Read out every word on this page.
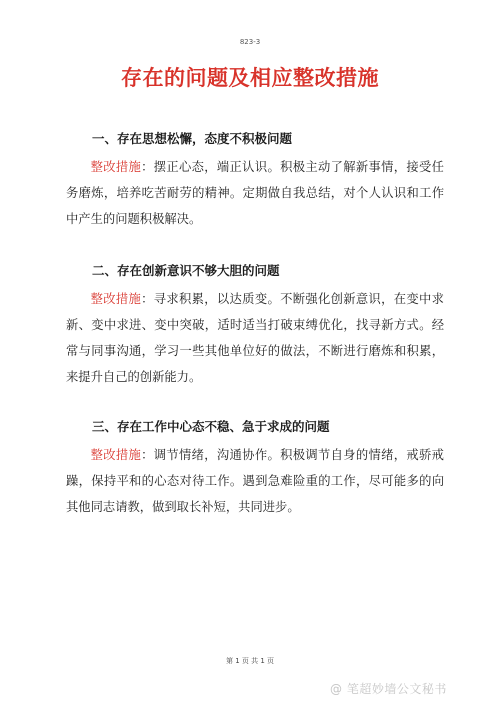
823-3
存在的问题及相应整改措施
一、存在思想松懈，态度不积极问题
整改措施：摆正心态，端正认识。积极主动了解新事情，接受任务磨炼，培养吃苦耐劳的精神。定期做自我总结，对个人认识和工作中产生的问题积极解决。
二、存在创新意识不够大胆的问题
整改措施：寻求积累，以达质变。不断强化创新意识，在变中求新、变中求进、变中突破，适时适当打破束缚优化，找寻新方式。经常与同事沟通，学习一些其他单位好的做法，不断进行磨炼和积累，来提升自己的创新能力。
三、存在工作中心态不稳、急于求成的问题
整改措施：调节情绪，沟通协作。积极调节自身的情绪，戒骄戒躁，保持平和的心态对待工作。遇到急难险重的工作，尽可能多的向其他同志请教，做到取长补短，共同进步。
第 1 页 共 1 页
@ 笔超妙墙公文秘书
